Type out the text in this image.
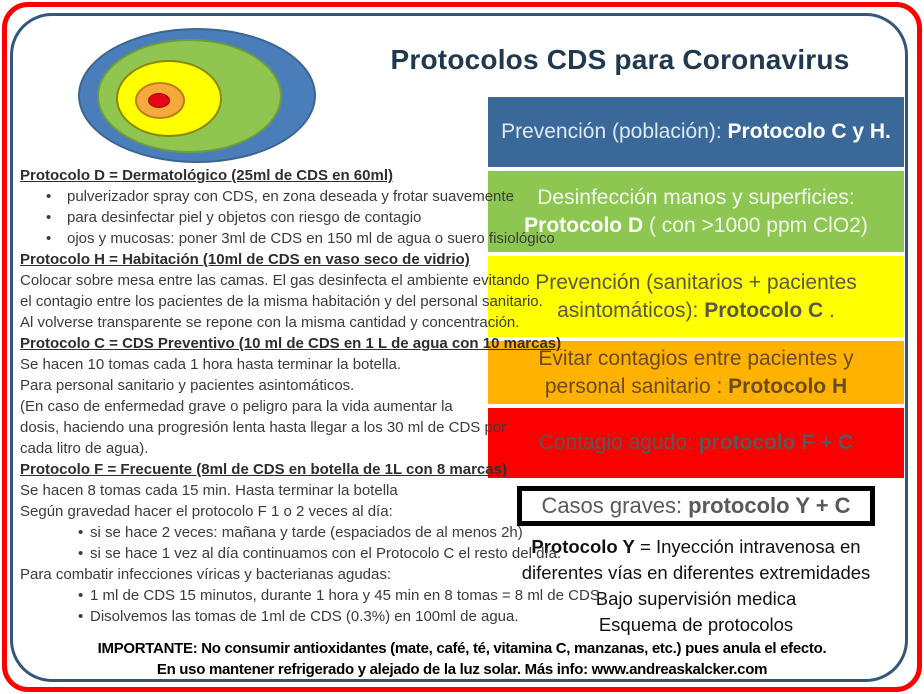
Protocolos CDS para Coronavirus
Prevención (población): Protocolo C y H.
Desinfección manos y superficies: Protocolo D ( con >1000 ppm ClO2)
Prevención (sanitarios + pacientes asintomáticos): Protocolo C .
Evitar contagios entre pacientes y personal sanitario : Protocolo H
Contagio agudo: protocolo F + C
Casos graves: protocolo Y + C
Protocolo Y = Inyección intravenosa en
diferentes vías en diferentes extremidades
Bajo supervisión medica
Esquema de protocolos
Protocolo D = Dermatológico (25ml de CDS en 60ml)
• pulverizador spray con CDS, en zona deseada y frotar suavemente
• para desinfectar piel y objetos con riesgo de contagio
• ojos y mucosas: poner 3ml de CDS en 150 ml de agua o suero fisiológico
Protocolo H = Habitación (10ml de CDS en vaso seco de vidrio)
Colocar sobre mesa entre las camas. El gas desinfecta el ambiente evitando
el contagio entre los pacientes de la misma habitación y del personal sanitario.
Al volverse transparente se repone con la misma cantidad y concentración.
Protocolo C = CDS Preventivo (10 ml de CDS en 1 L de agua con 10 marcas)
Se hacen 10 tomas cada 1 hora hasta terminar la botella.
Para personal sanitario y pacientes asintomáticos.
(En caso de enfermedad grave o peligro para la vida aumentar la
dosis, haciendo una progresión lenta hasta llegar a los 30 ml de CDS por
cada litro de agua).
Protocolo F = Frecuente (8ml de CDS en botella de 1L con 8 marcas)
Se hacen 8 tomas cada 15 min. Hasta terminar la botella
Según gravedad hacer el protocolo F 1 o 2 veces al día:
• si se hace 2 veces: mañana y tarde (espaciados de al menos 2h)
• si se hace 1 vez al día continuamos con el Protocolo C el resto del día.
Para combatir infecciones víricas y bacterianas agudas:
• 1 ml de CDS 15 minutos, durante 1 hora y 45 min en 8 tomas = 8 ml de CDS.
• Disolvemos las tomas de 1ml de CDS (0.3%) en 100ml de agua.
IMPORTANTE: No consumir antioxidantes (mate, café, té, vitamina C, manzanas, etc.) pues anula el efecto.
En uso mantener refrigerado y alejado de la luz solar. Más info: www.andreaskalcker.com
